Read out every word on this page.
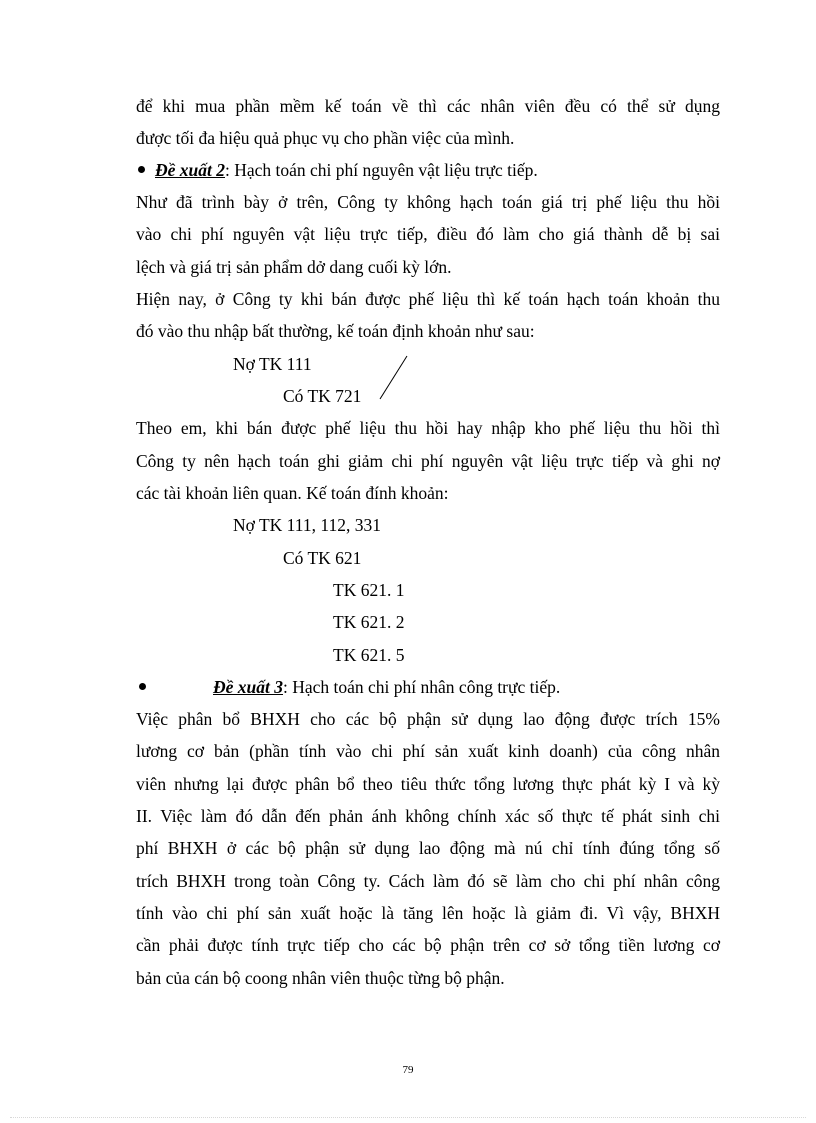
để khi mua phần mềm kế toán về thì các nhân viên đều có thể sử dụng
được tối đa hiệu quả phục vụ cho phần việc của mình.
Đề xuất 2: Hạch toán chi phí nguyên vật liệu trực tiếp.
Như đã trình bày ở trên, Công ty không hạch toán giá trị phế liệu thu hồi
vào chi phí nguyên vật liệu trực tiếp, điều đó làm cho giá thành dễ bị sai
lệch và giá trị sản phẩm dở dang cuối kỳ lớn.
Hiện nay, ở Công ty khi bán được phế liệu thì kế toán hạch toán khoản thu
đó vào thu nhập bất thường, kế toán định khoản như sau:
Nợ TK 111
Có TK 721
Theo em, khi bán được phế liệu thu hồi hay nhập kho phế liệu thu hồi thì
Công ty nên hạch toán ghi giảm chi phí nguyên vật liệu trực tiếp và ghi nợ
các tài khoản liên quan. Kế toán đính khoản:
Nợ TK 111, 112, 331
Có TK 621
TK 621. 1
TK 621. 2
TK 621. 5
Đề xuất 3: Hạch toán chi phí nhân công trực tiếp.
Việc phân bổ BHXH cho các bộ phận sử dụng lao động được trích 15%
lương cơ bản (phần tính vào chi phí sản xuất kinh doanh) của công nhân
viên nhưng lại được phân bổ theo tiêu thức tổng lương thực phát kỳ I và kỳ
II. Việc làm đó dẫn đến phản ánh không chính xác số thực tế phát sinh chi
phí BHXH ở các bộ phận sử dụng lao động mà nú chỉ tính đúng tổng số
trích BHXH trong toàn Công ty. Cách làm đó sẽ làm cho chi phí nhân công
tính vào chi phí sản xuất hoặc là tăng lên hoặc là giảm đi. Vì vậy, BHXH
cần phải được tính trực tiếp cho các bộ phận trên cơ sở tổng tiền lương cơ
bản của cán bộ coong nhân viên thuộc từng bộ phận.
79
